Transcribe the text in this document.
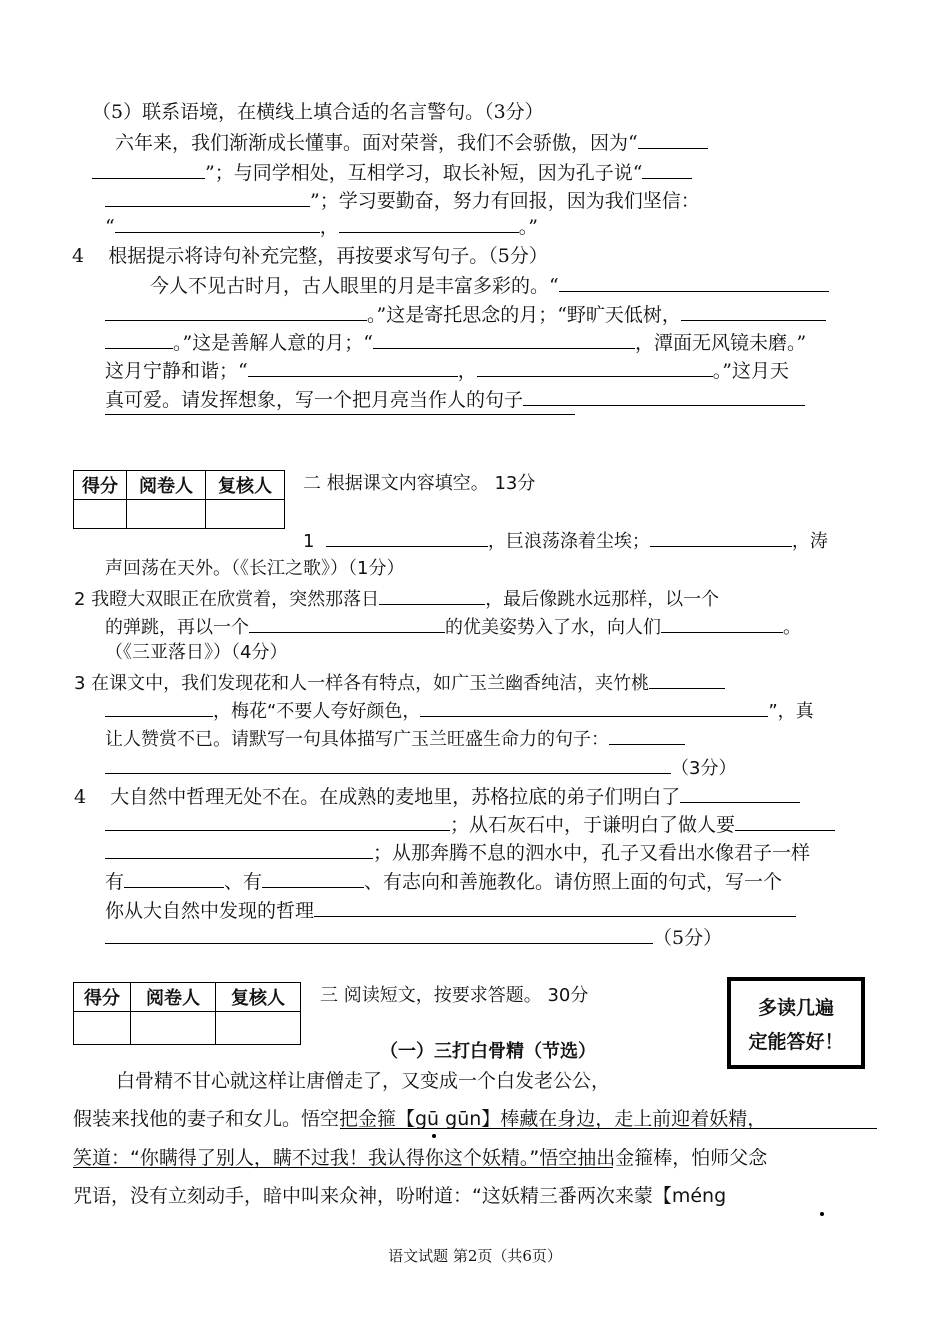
（5）联系语境，在横线上填合适的名言警句。（3分）
六年来，我们渐渐成长懂事。面对荣誉，我们不会骄傲，因为“
”；与同学相处，互相学习，取长补短，因为孔子说“
”；学习要勤奋，努力有回报，因为我们坚信：
“	，	。”
4 根据提示将诗句补充完整，再按要求写句子。（5分）
今人不见古时月，古人眼里的月是丰富多彩的。“
。”这是寄托思念的月；“野旷天低树，
。”这是善解人意的月；“	，潭面无风镜未磨。”
这月宁静和谐；“	，	。”这月天
真可爱。请发挥想象，写一个把月亮当作人的句子
得分	阅卷人	复核人
		二 根据课文内容填空。 13分
1	，巨浪荡涤着尘埃；	，涛
声回荡在天外。（《长江之歌》）（1分）
2 我瞪大双眼正在欣赏着，突然那落日	，最后像跳水远那样，以一个
的弹跳，再以一个	的优美姿势入了水，向人们	。
（《三亚落日》）（4分）
3 在课文中，我们发现花和人一样各有特点，如广玉兰幽香纯洁，夹竹桃
，梅花“不要人夸好颜色，	”，真
让人赞赏不已。请默写一句具体描写广玉兰旺盛生命力的句子：
（3分）
4 大自然中哲理无处不在。在成熟的麦地里，苏格拉底的弟子们明白了
；从石灰石中，于谦明白了做人要
；从那奔腾不息的泗水中，孔子又看出水像君子一样
有	、有	、有志向和善施教化。请仿照上面的句式，写一个
你从大自然中发现的哲理
（5分）
得分	阅卷人	复核人
		三 阅读短文，按要求答题。 30分
多读几遍
定能答好！
（一）三打白骨精（节选）
白骨精不甘心就这样让唐僧走了，又变成一个白发老公公，
假装来找他的妻子和女儿。悟空把金箍【gū gūn】棒藏在身边，走上前迎着妖精，
笑道：“你瞒得了别人，瞒不过我！我认得你这个妖精。”悟空抽出金箍棒，怕师父念
咒语，没有立刻动手，暗中叫来众神，吩咐道：“这妖精三番两次来蒙【méng
语文试题 第2页（共6页）
